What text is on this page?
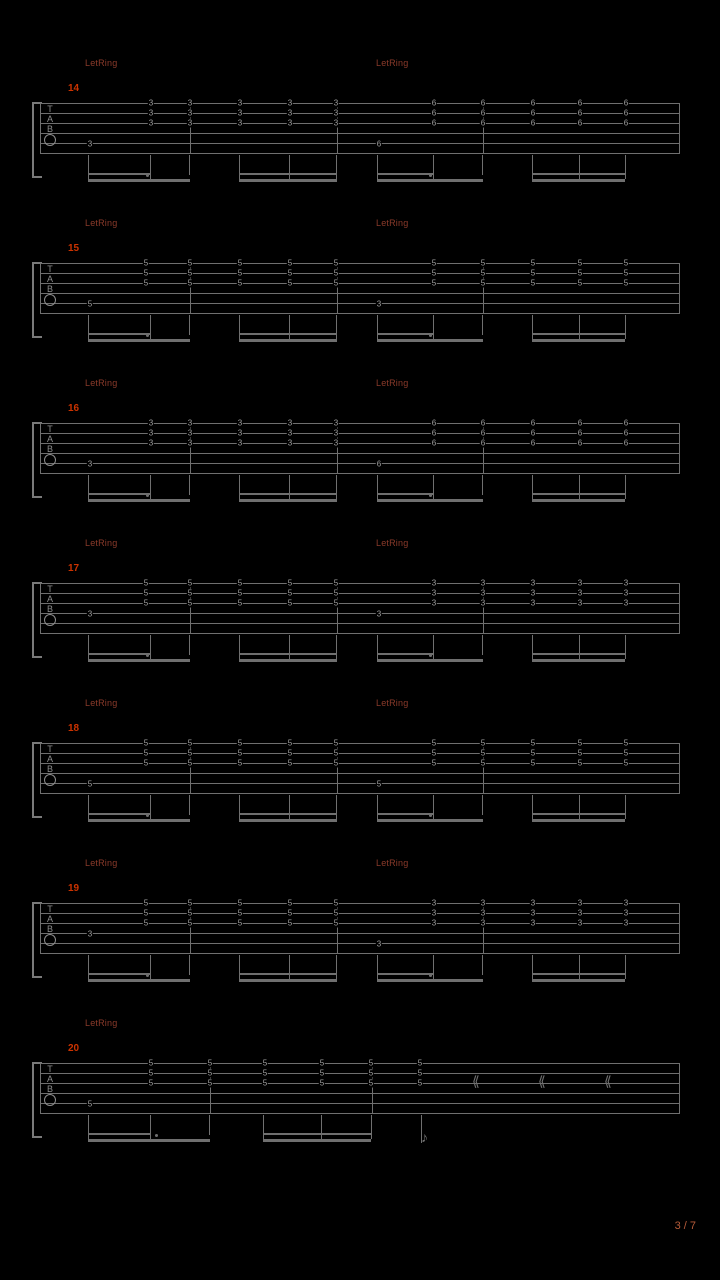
LetRing	LetRing
14
T
A
B
3
3
3
3
3
3
3
3
3
3
3
3
3
3
3
6
6
6
6
6
6
6
6
6
6
6
6
6
6
6
3	6
LetRing	LetRing
15
T
A
B
5
5
5
5
5
5
5
5
5
5
5
5
5
5
5
5
5
5
5
5
5
5
5
5
5
5
5
5
5
5
5	3
LetRing	LetRing
16
T
A
B
3
3
3
3
3
3
3
3
3
3
3
3
3
3
3
6
6
6
6
6
6
6
6
6
6
6
6
6
6
6
3	6
LetRing	LetRing
17
T
A
B
5
5
5
5
5
5
5
5
5
5
5
5
5
5
5
3
3
3
3
3
3
3
3
3
3
3
3
3
3
3
3	3
LetRing	LetRing
18
T
A
B
5
5
5
5
5
5
5
5
5
5
5
5
5
5
5
5
5
5
5
5
5
5
5
5
5
5
5
5
5
5
5	5
LetRing	LetRing
19
T
A
B
5
5
5
5
5
5
5
5
5
5
5
5
5
5
5
3
3
3
3
3
3
3
3
3
3
3
3
3
3
3
3
3
LetRing
20
T
A
B
5
5
5
5
5
5
5
5
5
5
5
5
5
5
5
5
5
5
5
⟪	⟪	⟪
♪
3 / 7
